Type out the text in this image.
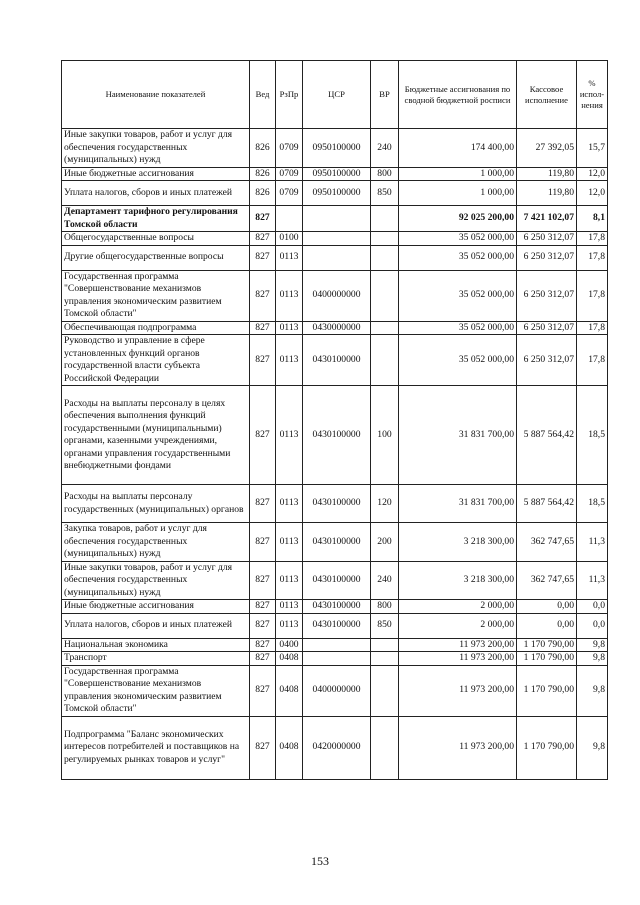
Наименование показателей	Вед	РзПр	ЦСР	ВР	Бюджетные ассигнования по сводной бюджетной росписи	Кассовое исполнение	% испол-нения
Иные закупки товаров, работ и услуг для обеспечения государственных (муниципальных) нужд	826	0709	0950100000	240	174 400,00	27 392,05	15,7
Иные бюджетные ассигнования	826	0709	0950100000	800	1 000,00	119,80	12,0
Уплата налогов, сборов и иных платежей	826	0709	0950100000	850	1 000,00	119,80	12,0
Департамент тарифного регулирования Томской области	827				92 025 200,00	7 421 102,07	8,1
Общегосударственные вопросы	827	0100			35 052 000,00	6 250 312,07	17,8
Другие общегосударственные вопросы	827	0113			35 052 000,00	6 250 312,07	17,8
Государственная программа "Совершенствование механизмов управления экономическим развитием Томской области"	827	0113	0400000000		35 052 000,00	6 250 312,07	17,8
Обеспечивающая подпрограмма	827	0113	0430000000		35 052 000,00	6 250 312,07	17,8
Руководство и управление в сфере установленных функций органов государственной власти субъекта Российской Федерации	827	0113	0430100000		35 052 000,00	6 250 312,07	17,8
Расходы на выплаты персоналу в целях обеспечения выполнения функций государственными (муниципальными) органами, казенными учреждениями, органами управления государственными внебюджетными фондами	827	0113	0430100000	100	31 831 700,00	5 887 564,42	18,5
Расходы на выплаты персоналу государственных (муниципальных) органов	827	0113	0430100000	120	31 831 700,00	5 887 564,42	18,5
Закупка товаров, работ и услуг для обеспечения государственных (муниципальных) нужд	827	0113	0430100000	200	3 218 300,00	362 747,65	11,3
Иные закупки товаров, работ и услуг для обеспечения государственных (муниципальных) нужд	827	0113	0430100000	240	3 218 300,00	362 747,65	11,3
Иные бюджетные ассигнования	827	0113	0430100000	800	2 000,00	0,00	0,0
Уплата налогов, сборов и иных платежей	827	0113	0430100000	850	2 000,00	0,00	0,0
Национальная экономика	827	0400			11 973 200,00	1 170 790,00	9,8
Транспорт	827	0408			11 973 200,00	1 170 790,00	9,8
Государственная программа "Совершенствование механизмов управления экономическим развитием Томской области"	827	0408	0400000000		11 973 200,00	1 170 790,00	9,8
Подпрограмма "Баланс экономических интересов потребителей и поставщиков на регулируемых рынках товаров и услуг"	827	0408	0420000000		11 973 200,00	1 170 790,00	9,8
153
